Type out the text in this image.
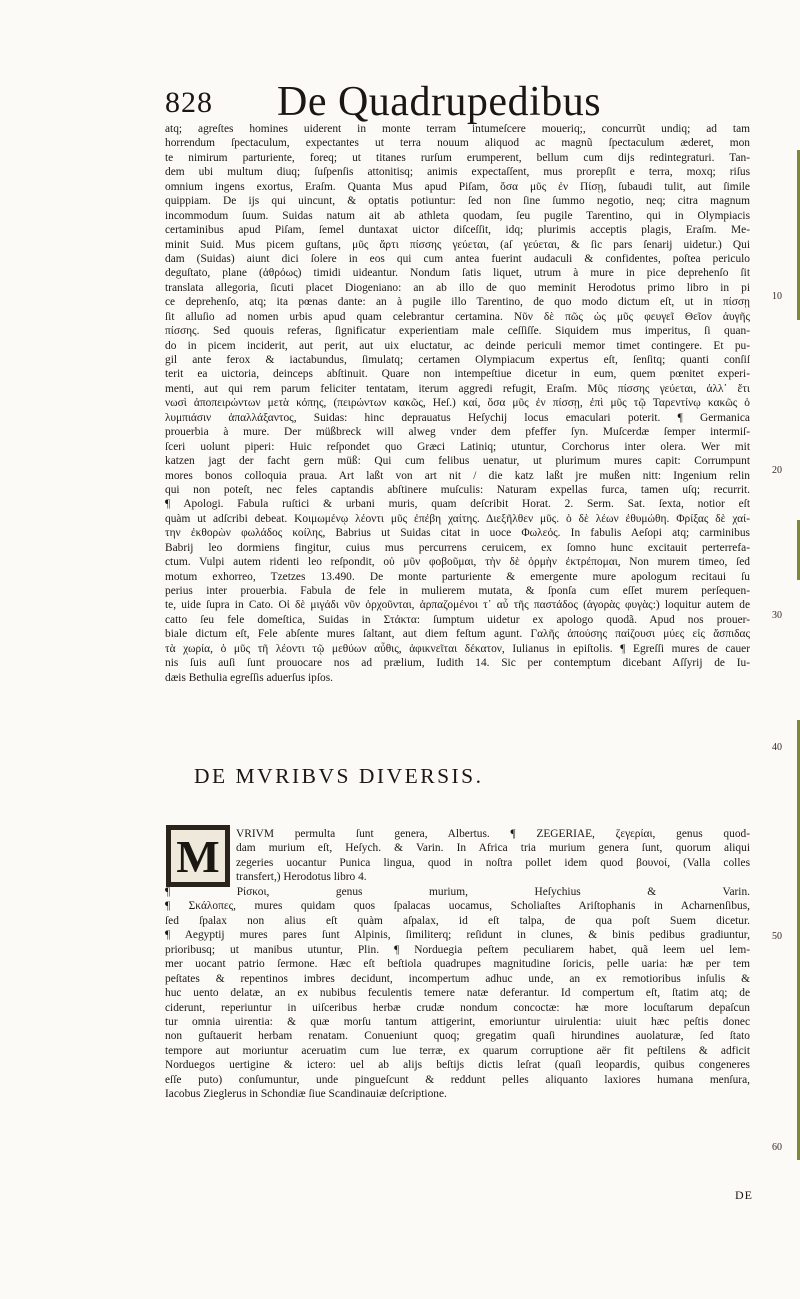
828 De Quadrupedibus
atq; agreſtes homines uiderent in monte terram intumeſcere moueriq;, concurrũt undiq; ad tam
horrendum ſpectaculum, expectantes ut terra nouum aliquod ac magnũ ſpectaculum æderet, mon
te nimirum parturiente, foreq; ut titanes rurſum erumperent, bellum cum dijs redintegraturi. Tan-
dem ubi multum diuq; ſuſpenſis attonitisq; animis expectaſſent, mus prorepſit e terra, moxq; riſus
omnium ingens exortus, Eraſm. Quanta Mus apud Piſam, ὅσα μῦς ἐν Πίσῃ, ſubaudi tulit, aut ſimile
quippiam. De ijs qui uincunt, & optatis potiuntur: ſed non ſine ſummo negotio, neq; citra magnum
incommodum ſuum. Suidas natum ait ab athleta quodam, ſeu pugile Tarentino, qui in Olympiacis
certaminibus apud Piſam, ſemel duntaxat uictor diſceſſit, idq; plurimis acceptis plagis, Eraſm. Me-
minit Suid. Mus picem guſtans, μῦς ἄρτι πίσσης γεύεται, (aſ γεύεται, & ſic pars ſenarij uidetur.) Qui
dam (Suidas) aiunt dici ſolere in eos qui cum antea fuerint audaculi & confidentes, poſtea periculo
deguſtato, plane (ἀθρόως) timidi uideantur. Nondum ſatis liquet, utrum à mure in pice deprehenſo ſit
translata allegoria, ſicuti placet Diogeniano: an ab illo de quo meminit Herodotus primo libro in pi
ce deprehenſo, atq; ita pœnas dante: an à pugile illo Tarentino, de quo modo dictum eſt, ut in πίσσῃ
ſit alluſio ad nomen urbis apud quam celebrantur certamina. Νῦν δὲ πῶς ὡς μῦς φευγεῖ Θεῖον ἀυγῆς
πίσσης. Sed quouis referas, ſignificatur experientiam male ceſſiſſe. Siquidem mus imperitus, ſi quan-
do in picem inciderit, aut perit, aut uix eluctatur, ac deinde periculi memor timet contingere. Et pu-
gil ante ferox & iactabundus, ſimulatq; certamen Olympiacum expertus eſt, ſenſitq; quanti conſiſ
terit ea uictoria, deinceps abſtinuit. Quare non intempeſtiue dicetur in eum, quem pœnitet experi-
menti, aut qui rem parum feliciter tentatam, iterum aggredi refugit, Eraſm. Μῦς πίσσης γεύεται, ἀλλ᾽ ἔτι
νωσὶ ἀποπειρώντων μετὰ κόπης, (πειρώντων κακῶς, Heſ.) καί, ὅσα μῦς ἐν πίσσῃ, ἐπὶ μῦς τῷ Ταρεντίνῳ κακῶς ὁ
λυμπιάσιν ἀπαλλάξαντος, Suidas: hinc deprauatus Heſychij locus emaculari poterit. ¶ Germanica
prouerbia à mure. Der müßbreck will alweg vnder dem pfeffer ſyn. Muſcerdæ ſemper intermiſ-
ſceri uolunt piperi: Huic reſpondet quo Græci Latiniq; utuntur, Corchorus inter olera. Wer mit
katzen jagt der facht gern müß: Qui cum felibus uenatur, ut plurimum mures capit: Corrumpunt
mores bonos colloquia praua. Art laßt von art nit / die katz laßt jre mußen nitt: Ingenium relin
qui non poteſt, nec feles captandis abſtinere muſculis: Naturam expellas furca, tamen uſq; recurrit.
¶ Apologi. Fabula ruſtici & urbani muris, quam deſcribit Horat. 2. Serm. Sat. ſexta, notior eſt
quàm ut adſcribi debeat. Κοιμωμένῳ λέοντι μῦς ἐπέβη χαίτης. Διεξῆλθεν μῦς. ὁ δὲ λέων ἐθυμώθη. Φρίξας δὲ χαί-
την ἐκθορὼν φωλάδος κοίλης, Babrius ut Suidas citat in uoce Φωλεός. In fabulis Aeſopi atq; carminibus
Babrij leo dormiens fingitur, cuius mus percurrens ceruicem, ex ſomno hunc excitauit perterrefa-
ctum. Vulpi autem ridenti leo reſpondit, οὐ μῦν φοβοῦμαι, τὴν δὲ ὁρμὴν ἐκτρέπομαι, Non murem timeo, ſed
motum exhorreo, Tzetzes 13.490. De monte parturiente & emergente mure apologum recitaui ſu
perius inter prouerbia. Fabula de fele in mulierem mutata, & ſponſa cum eſſet murem perſequen-
te, uide ſupra in Cato. Οἱ δὲ μιγάδι νῦν ὀρχοῦνται, ἀρπαζομένοι τ᾽ αὖ τῆς παστάδος (ἀγορὰς φυγὰς:) loquitur autem de
catto ſeu fele domeſtica, Suidas in Στάκτα: ſumptum uidetur ex apologo quodã. Apud nos prouer-
biale dictum eſt, Fele abſente mures ſaltant, aut diem feſtum agunt. Γαλῆς ἀπούσης παίζουσι μύες εἰς ἄσπιδας
τὰ χωρία, ὁ μῦς τῆ λέοντι τῷ μεθύων αὖθις, ἀφικνεῖται δέκατον, Iulianus in epiſtolis. ¶ Egreſſi mures de cauer
nis ſuis auſi ſunt prouocare nos ad prælium, Iudith 14. Sic per contemptum dicebant Aſſyrij de Iu-
dæis Bethulia egreſſis aduerſus ipſos.
DE MVRIBVS DIVERSIS.
M	VRIVM permulta ſunt genera, Albertus. ¶ ZEGERIAE, ζεγερίαι, genus quod-
dam murium eſt, Heſych. & Varin. In Africa tria murium genera ſunt, quorum aliqui
zegeries uocantur Punica lingua, quod in noſtra pollet idem quod βουνοί, (Valla colles
transfert,) Herodotus libro 4.
¶ Ρίσκοι, genus murium, Heſychius & Varin.
¶ Σκάλοπες, mures quidam quos ſpalacas uocamus, Scholiaſtes Ariſtophanis in Acharnenſibus,
ſed ſpalax non alius eſt quàm aſpalax, id eſt talpa, de qua poſt Suem dicetur.
¶ Aegyptij mures pares ſunt Alpinis, ſimiliterq; reſidunt in clunes, & binis pedibus gradiuntur,
prioribusq; ut manibus utuntur, Plin. ¶ Norduegia peſtem peculiarem habet, quã leem uel lem-
mer uocant patrio ſermone. Hæc eſt beſtiola quadrupes magnitudine ſoricis, pelle uaria: hæ per tem
peſtates & repentinos imbres decidunt, incompertum adhuc unde, an ex remotioribus inſulis &
huc uento delatæ, an ex nubibus feculentis temere natæ deferantur. Id compertum eſt, ſtatim atq; de
ciderunt, reperiuntur in uiſceribus herbæ crudæ nondum concoctæ: hæ more locuſtarum depaſcun
tur omnia uirentia: & quæ morſu tantum attigerint, emoriuntur uirulentia: uiuit hæc peſtis donec
non guſtauerit herbam renatam. Conueniunt quoq; gregatim quaſi hirundines auolaturæ, ſed ſtato
tempore aut moriuntur aceruatim cum lue terræ, ex quarum corruptione aër fit peſtilens & adficit
Norduegos uertigine & ictero: uel ab alijs beſtijs dictis leſrat (quaſi leopardis, quibus congeneres
eſſe puto) conſumuntur, unde pingueſcunt & reddunt pelles aliquanto laxiores humana menſura,
Iacobus Zieglerus in Schondiæ ſiue Scandinauiæ deſcriptione.
10
20
30
40
50
60
DE
